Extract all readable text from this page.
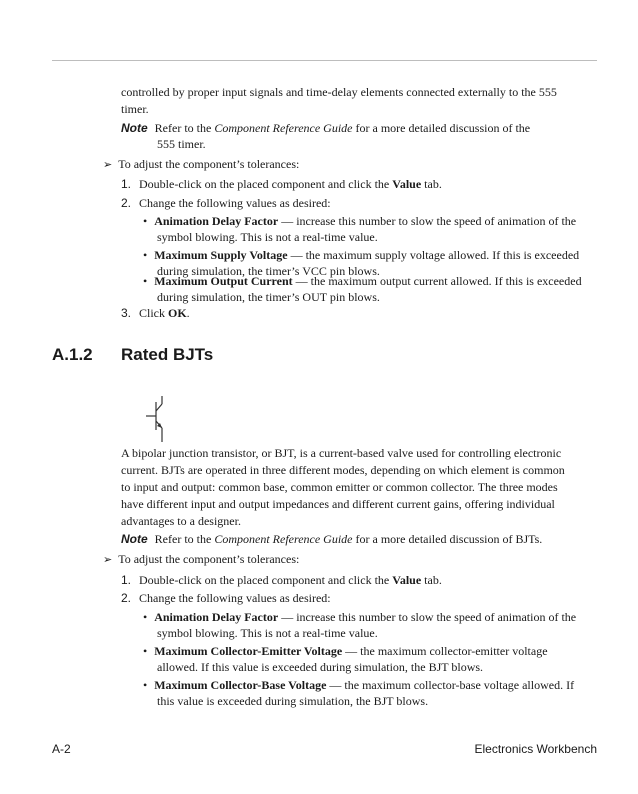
controlled by proper input signals and time-delay elements connected externally to the 555
timer.
Note Refer to the Component Reference Guide for a more detailed discussion of the
555 timer.
➢ To adjust the component’s tolerances:
1. Double-click on the placed component and click the Value tab.
2. Change the following values as desired:
• Animation Delay Factor — increase this number to slow the speed of animation of the
symbol blowing. This is not a real-time value.
• Maximum Supply Voltage — the maximum supply voltage allowed. If this is exceeded
during simulation, the timer’s VCC pin blows.
• Maximum Output Current — the maximum output current allowed. If this is exceeded
during simulation, the timer’s OUT pin blows.
3. Click OK.
A.1.2 Rated BJTs
A bipolar junction transistor, or BJT, is a current-based valve used for controlling electronic
current. BJTs are operated in three different modes, depending on which element is common
to input and output: common base, common emitter or common collector. The three modes
have different input and output impedances and different current gains, offering individual
advantages to a designer.
Note Refer to the Component Reference Guide for a more detailed discussion of BJTs.
➢ To adjust the component’s tolerances:
1. Double-click on the placed component and click the Value tab.
2. Change the following values as desired:
• Animation Delay Factor — increase this number to slow the speed of animation of the
symbol blowing. This is not a real-time value.
• Maximum Collector-Emitter Voltage — the maximum collector-emitter voltage
allowed. If this value is exceeded during simulation, the BJT blows.
• Maximum Collector-Base Voltage — the maximum collector-base voltage allowed. If
this value is exceeded during simulation, the BJT blows.
A-2	Electronics Workbench
